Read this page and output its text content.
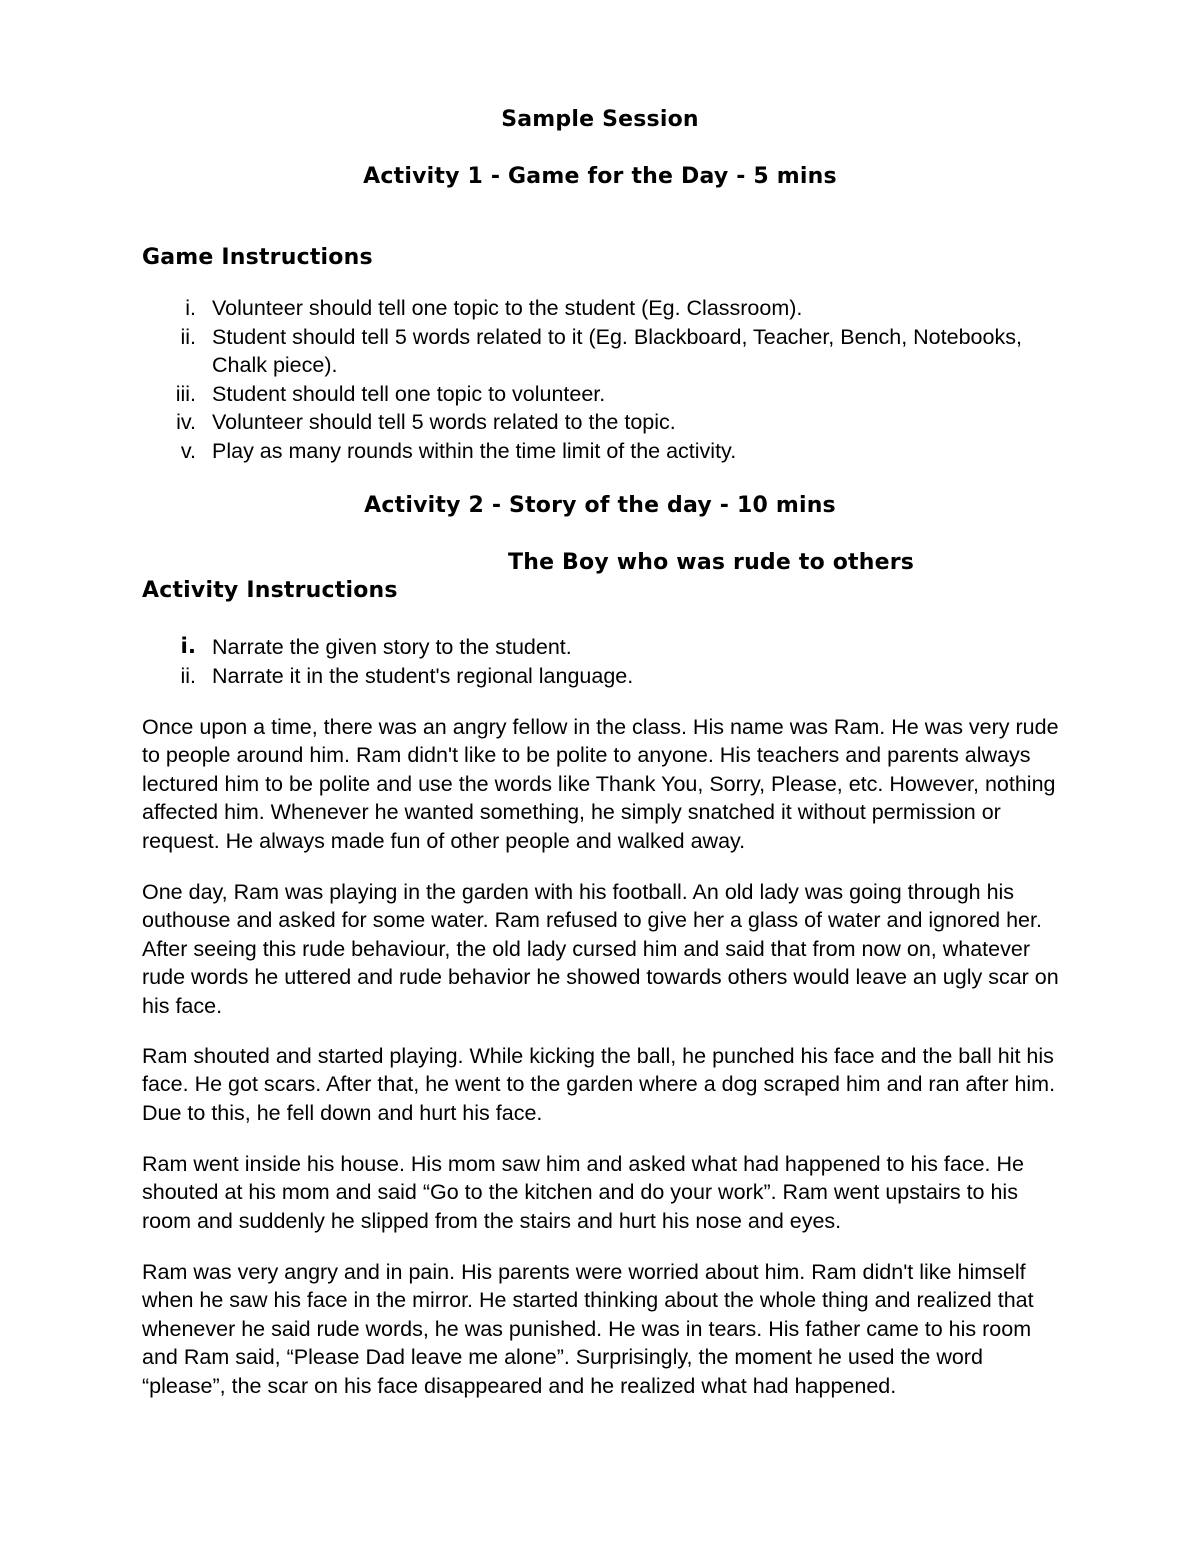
Sample Session
Activity 1 - Game for the Day - 5 mins
Game Instructions
i. Volunteer should tell one topic to the student (Eg. Classroom).
ii. Student should tell 5 words related to it (Eg. Blackboard, Teacher, Bench, Notebooks, Chalk piece).
iii. Student should tell one topic to volunteer.
iv. Volunteer should tell 5 words related to the topic.
v. Play as many rounds within the time limit of the activity.
Activity 2 - Story of the day - 10 mins
The Boy who was rude to others
Activity Instructions
i. Narrate the given story to the student.
ii. Narrate it in the student's regional language.

Once upon a time, there was an angry fellow in the class. His name was Ram. He was very rude to people around him. Ram didn't like to be polite to anyone. His teachers and parents always lectured him to be polite and use the words like Thank You, Sorry, Please, etc. However, nothing affected him. Whenever he wanted something, he simply snatched it without permission or request. He always made fun of other people and walked away.

One day, Ram was playing in the garden with his football. An old lady was going through his outhouse and asked for some water. Ram refused to give her a glass of water and ignored her. After seeing this rude behaviour, the old lady cursed him and said that from now on, whatever rude words he uttered and rude behavior he showed towards others would leave an ugly scar on his face.

Ram shouted and started playing. While kicking the ball, he punched his face and the ball hit his face. He got scars. After that, he went to the garden where a dog scraped him and ran after him. Due to this, he fell down and hurt his face.

Ram went inside his house. His mom saw him and asked what had happened to his face. He shouted at his mom and said “Go to the kitchen and do your work”. Ram went upstairs to his room and suddenly he slipped from the stairs and hurt his nose and eyes.

Ram was very angry and in pain. His parents were worried about him. Ram didn't like himself when he saw his face in the mirror. He started thinking about the whole thing and realized that whenever he said rude words, he was punished. He was in tears. His father came to his room and Ram said, “Please Dad leave me alone”. Surprisingly, the moment he used the word “please”, the scar on his face disappeared and he realized what had happened.
